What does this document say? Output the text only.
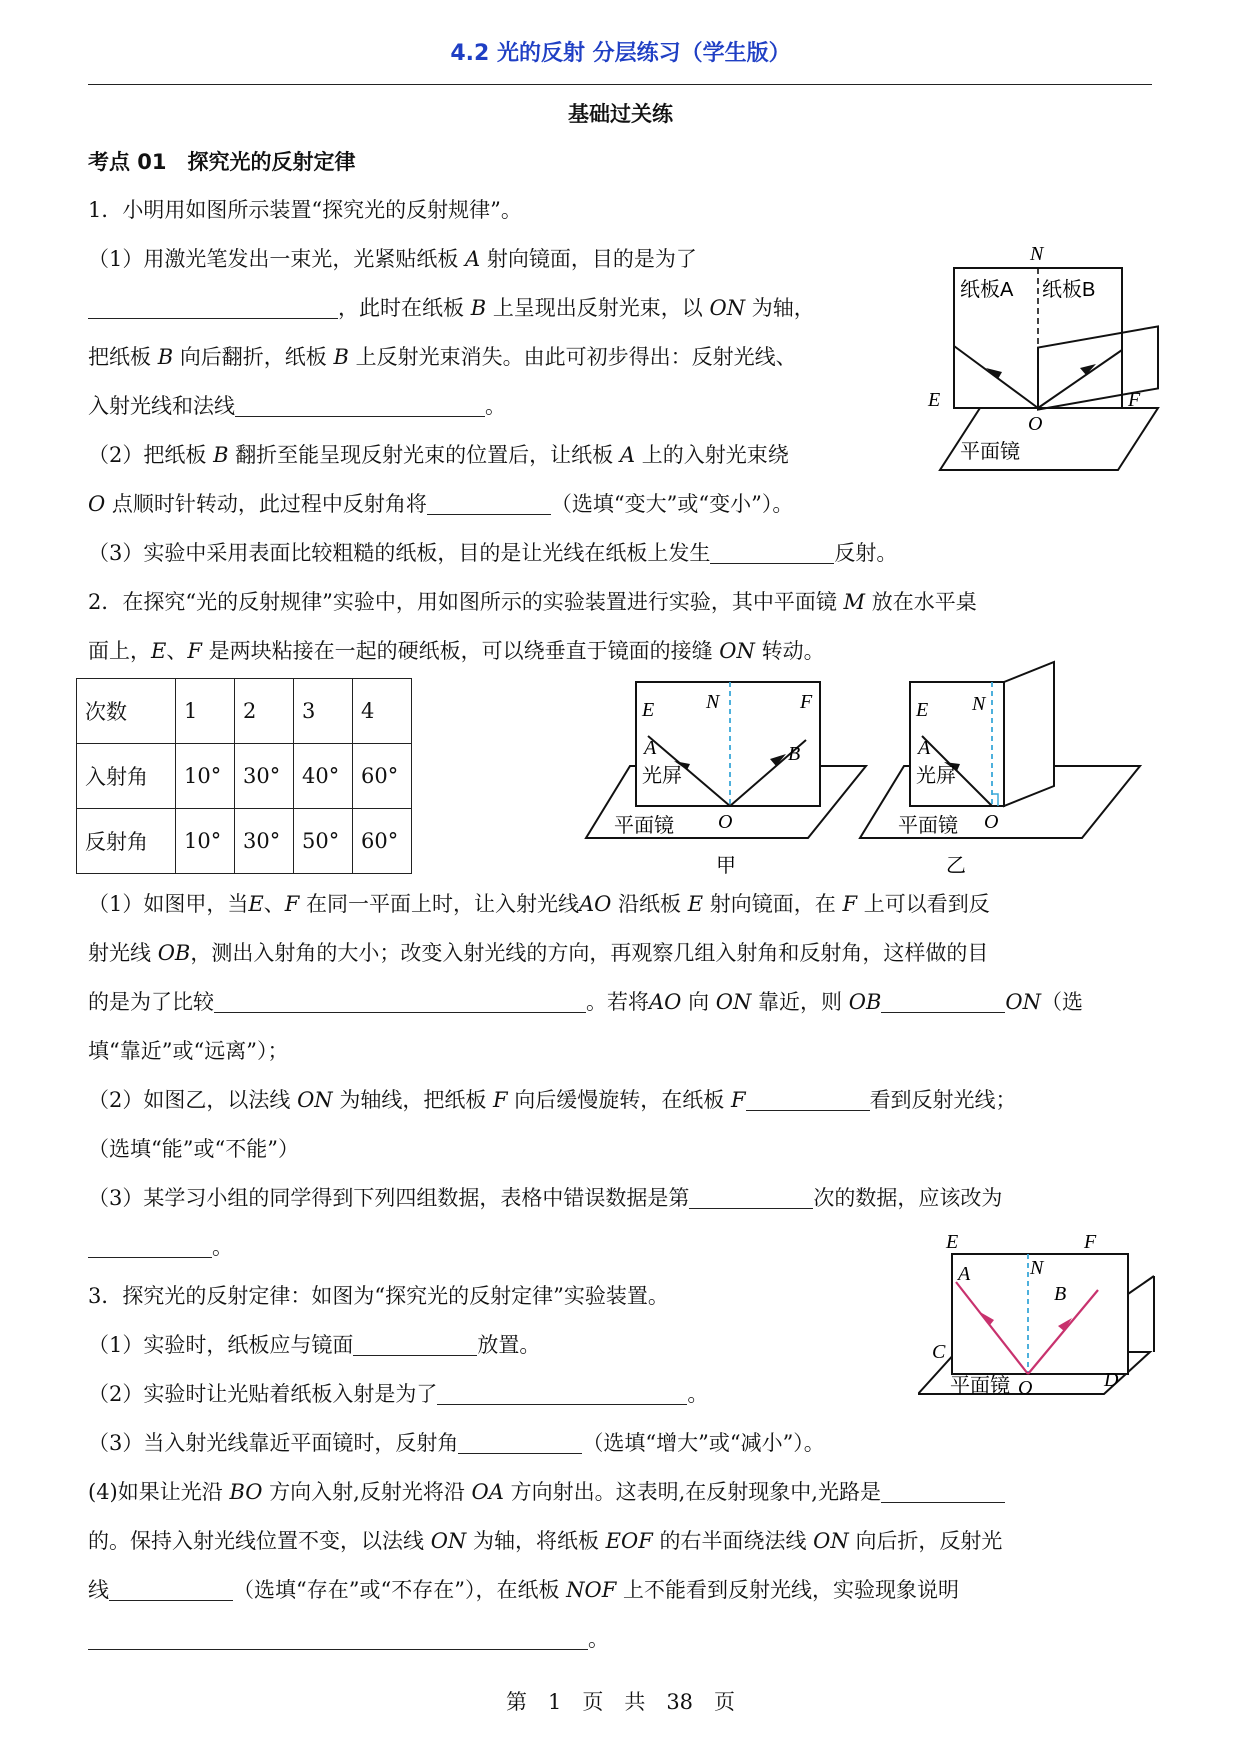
4.2 光的反射 分层练习（学生版）
基础过关练
考点 01　探究光的反射定律
1．小明用如图所示装置“探究光的反射规律”。
（1）用激光笔发出一束光，光紧贴纸板 A 射向镜面，目的是为了
，此时在纸板 B 上呈现出反射光束，以 ON 为轴，
把纸板 B 向后翻折，纸板 B 上反射光束消失。由此可初步得出：反射光线、
入射光线和法线	。
（2）把纸板 B 翻折至能呈现反射光束的位置后，让纸板 A 上的入射光束绕
O 点顺时针转动，此过程中反射角将	（选填“变大”或“变小”）。
（3）实验中采用表面比较粗糙的纸板，目的是让光线在纸板上发生	反射。
N
纸板A 纸板B
E	F
O
平面镜
2．在探究“光的反射规律”实验中，用如图所示的实验装置进行实验，其中平面镜 M 放在水平桌
面上，E、F 是两块粘接在一起的硬纸板，可以绕垂直于镜面的接缝 ON 转动。
次数	1	2	3	4
入射角	10°	30°	40°	60°
反射角	10°	30°	50°	60°
E	N	F
A	B
光屏
O
平面镜
甲
E N
A
光屏
O
平面镜
乙
（1）如图甲，当E、F 在同一平面上时，让入射光线AO 沿纸板 E 射向镜面，在 F 上可以看到反
射光线 OB，测出入射角的大小；改变入射光线的方向，再观察几组入射角和反射角，这样做的目
的是为了比较	。若将AO 向 ON 靠近，则 OB	ON（选
填“靠近”或“远离”）；
（2）如图乙，以法线 ON 为轴线，把纸板 F 向后缓慢旋转，在纸板 F	看到反射光线；
（选填“能”或“不能”）
（3）某学习小组的同学得到下列四组数据，表格中错误数据是第	次的数据，应该改为
。
3．探究光的反射定律：如图为“探究光的反射定律”实验装置。
（1）实验时，纸板应与镜面	放置。
（2）实验时让光贴着纸板入射是为了	。
（3）当入射光线靠近平面镜时，反射角	（选填“增大”或“减小”）。
(4)如果让光沿 BO 方向入射,反射光将沿 OA 方向射出。这表明,在反射现象中,光路是
的。保持入射光线位置不变，以法线 ON 为轴，将纸板 EOF 的右半面绕法线 ON 向后折，反射光
线	（选填“存在”或“不存在”），在纸板 NOF 上不能看到反射光线，实验现象说明
。
E	F
A	N
B
C
D
O
平面镜
第　1　页　共　38　页
